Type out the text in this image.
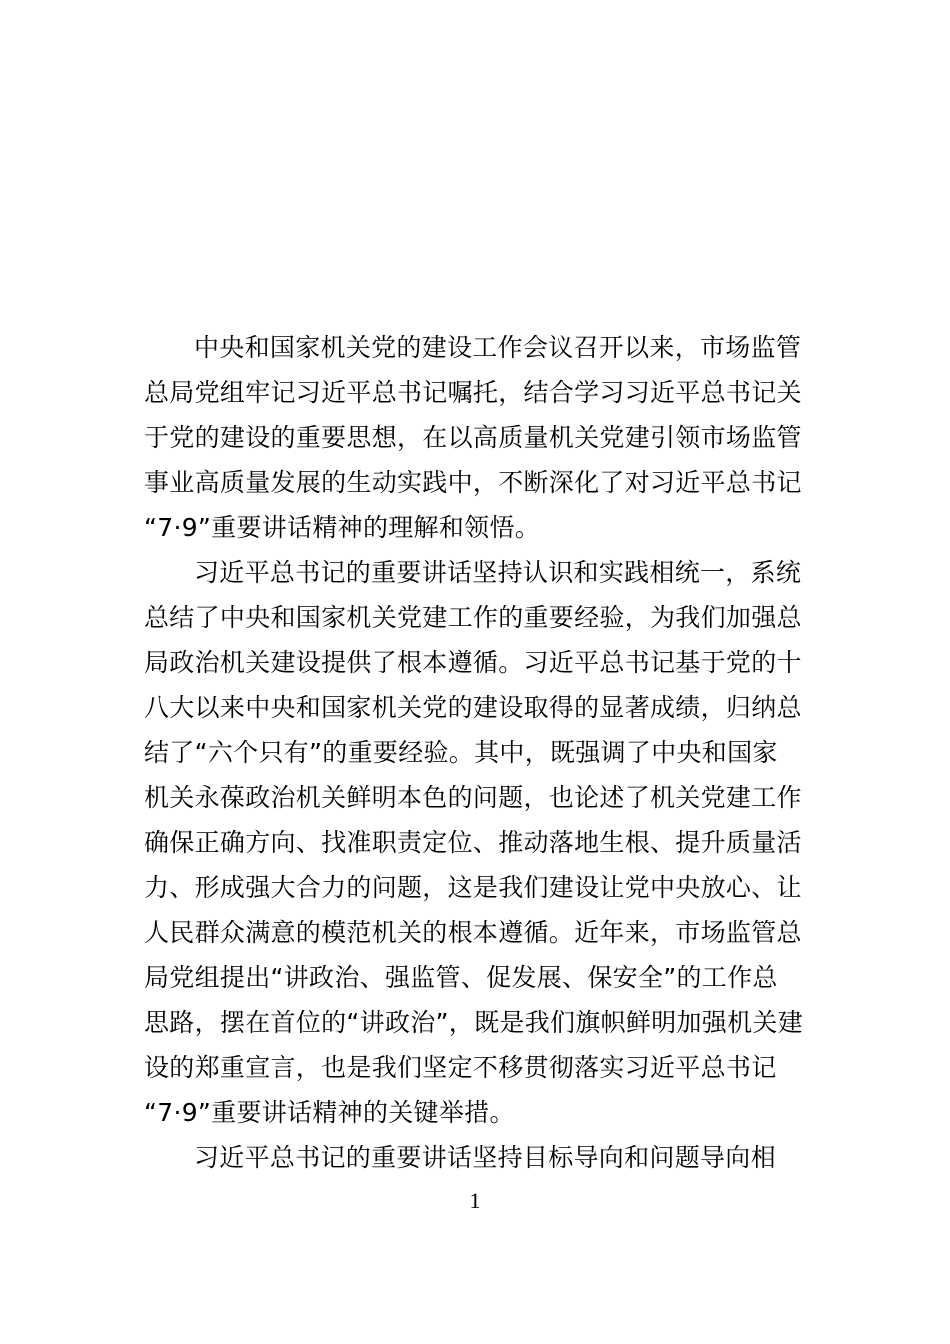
中央和国家机关党的建设工作会议召开以来，市场监管
总局党组牢记习近平总书记嘱托，结合学习习近平总书记关
于党的建设的重要思想，在以高质量机关党建引领市场监管
事业高质量发展的生动实践中，不断深化了对习近平总书记
“7·9”重要讲话精神的理解和领悟。
习近平总书记的重要讲话坚持认识和实践相统一，系统
总结了中央和国家机关党建工作的重要经验，为我们加强总
局政治机关建设提供了根本遵循。习近平总书记基于党的十
八大以来中央和国家机关党的建设取得的显著成绩，归纳总
结了“六个只有”的重要经验。其中，既强调了中央和国家
机关永葆政治机关鲜明本色的问题，也论述了机关党建工作
确保正确方向、找准职责定位、推动落地生根、提升质量活
力、形成强大合力的问题，这是我们建设让党中央放心、让
人民群众满意的模范机关的根本遵循。近年来，市场监管总
局党组提出“讲政治、强监管、促发展、保安全”的工作总
思路，摆在首位的“讲政治”，既是我们旗帜鲜明加强机关建
设的郑重宣言，也是我们坚定不移贯彻落实习近平总书记
“7·9”重要讲话精神的关键举措。
习近平总书记的重要讲话坚持目标导向和问题导向相
1
